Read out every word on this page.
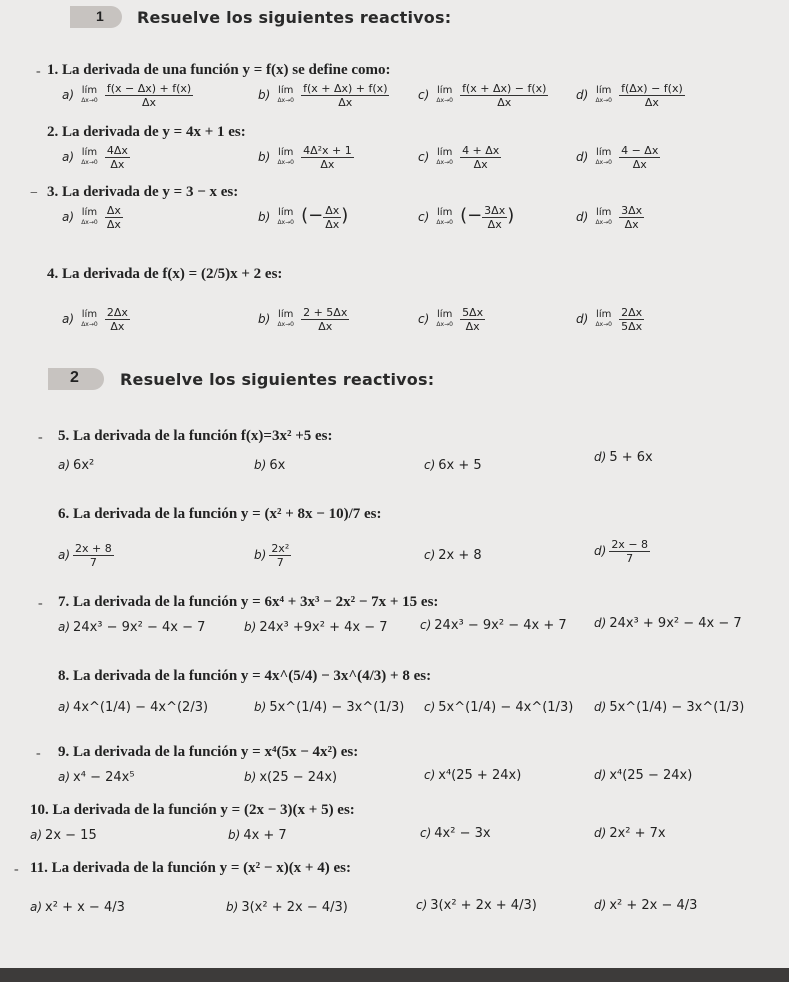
1 Resuelve los siguientes reactivos:
- 1. La derivada de una función y = f(x) se define como:
a) lím
Δx→0
$\frac{f(x - \Delta x) + f(x)}{\Delta x}$	b) lím
Δx→0
$\frac{f(x + \Delta x) + f(x)}{\Delta x} c$) lím
Δx→0
$\frac{f(x + \Delta x) - f(x)}{\Delta x} d$) lím
Δx→0
$\frac{f(\Delta x) - f(x)}{\Delta x}$
2. La derivada de y = 4x + 1 es:
a) lím
Δx→0
$\frac{4\Delta x}{\Delta x}$	b) lím
Δx→0
$\frac{\text{4Δ²x + 1}}{\Delta x}$	c) lím
Δx→0
$\frac{4 + \Delta x}{\Delta x}$	d) lím
Δx→0
$\frac{4 - \Delta x}{\Delta x}$
− 3. La derivada de y = 3 − x es:
a) lím
Δx→0
$\frac{\Delta x}{\Delta x}$	b) lím
Δx→0 (− $\frac{\Delta x}{\Delta x}$ )	c) lím
Δx→0 (− $\frac{3\Delta x}{\Delta x}$ )	d) lím
Δx→0
$\frac{3\Delta x}{\Delta x}$
4. La derivada de f(x) = (2/5)x + 2 es:
a) lím
Δx→0
$\frac{2\Delta x}{\Delta x}$	b) lím
Δx→0
$\frac{2 + 5\Delta x}{\Delta x}$	c) lím
Δx→0
$\frac{5\Delta x}{\Delta x}$	d) lím
Δx→0
$\frac{2\Delta x}{5\Delta x}$
2	Resuelve los siguientes reactivos:
- 5. La derivada de la función f(x)=3x² +5 es:
a) 6x²	b) 6x	c) 6x + 5
d) 5 + 6x
6. La derivada de la función y = (x² + 8x − 10)/7 es:
$a) \frac{2x + 8}{7}$	$b) \frac{\text{2x²}}{7}$	c) 2x + 8	$d) \frac{2x - 8}{7}$
- 7. La derivada de la función y = 6x⁴ + 3x³ − 2x² − 7x + 15 es:
a) 24x³ − 9x² − 4x − 7	b) 24x³ +9x² + 4x − 7	c) 24x³ − 9x² − 4x + 7 d) 24x³ + 9x² − 4x − 7
8. La derivada de la función y = 4x^(5/4) − 3x^(4/3) + 8 es:
a) 4x^(1/4) − 4x^(2/3)	b) 5x^(1/4) − 3x^(1/3) c) 5x^(1/4) − 4x^(1/3) d) 5x^(1/4) − 3x^(1/3)
- 9. La derivada de la función y = x⁴(5x − 4x²) es:
a) x⁴ − 24x⁵	b) x(25 − 24x)	c) x⁴(25 + 24x)	d) x⁴(25 − 24x)
10. La derivada de la función y = (2x − 3)(x + 5) es:
a) 2x − 15	b) 4x + 7	c) 4x² − 3x	d) 2x² + 7x
- 11. La derivada de la función y = (x² − x)(x + 4) es:
a) x² + x − 4/3	b) 3(x² + 2x − 4/3)	c) 3(x² + 2x + 4/3)	d) x² + 2x − 4/3
